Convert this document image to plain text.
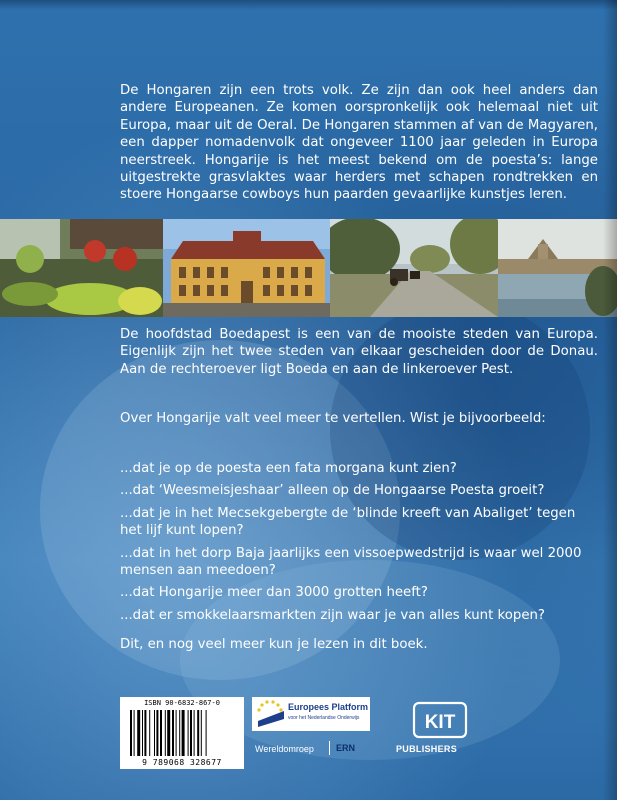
De Hongaren zijn een trots volk. Ze zijn dan ook heel anders dan andere Europeanen. Ze komen oorspronkelijk ook helemaal niet uit Europa, maar uit de Oeral. De Hongaren stammen af van de Magyaren, een dapper nomadenvolk dat ongeveer 1100 jaar geleden in Europa neerstreek. Hongarije is het meest bekend om de poesta’s: lange uitgestrekte grasvlaktes waar herders met schapen rondtrekken en stoere Hongaarse cowboys hun paarden gevaarlijke kunstjes leren.

De hoofdstad Boedapest is een van de mooiste steden van Europa. Eigenlijk zijn het twee steden van elkaar gescheiden door de Donau. Aan de rechteroever ligt Boeda en aan de linkeroever Pest.

Over Hongarije valt veel meer te vertellen. Wist je bijvoorbeeld:

...dat je op de poesta een fata morgana kunt zien?
...dat ‘Weesmeisjeshaar’ alleen op de Hongaarse Poesta groeit?
...dat je in het Mecsekgebergte de ‘blinde kreeft van Abaliget’ tegen het lijf kunt lopen?
...dat in het dorp Baja jaarlijks een vissoepwedstrijd is waar wel 2000 mensen aan meedoen?
...dat Hongarije meer dan 3000 grotten heeft?
...dat er smokkelaarsmarkten zijn waar je van alles kunt kopen?

Dit, en nog veel meer kun je lezen in dit boek.

ISBN 90-6832-867-0
9 789068 328677
Europees Platform
voor het Nederlandse Onderwijs
Wereldomroep ERN
KIT
PUBLISHERS
